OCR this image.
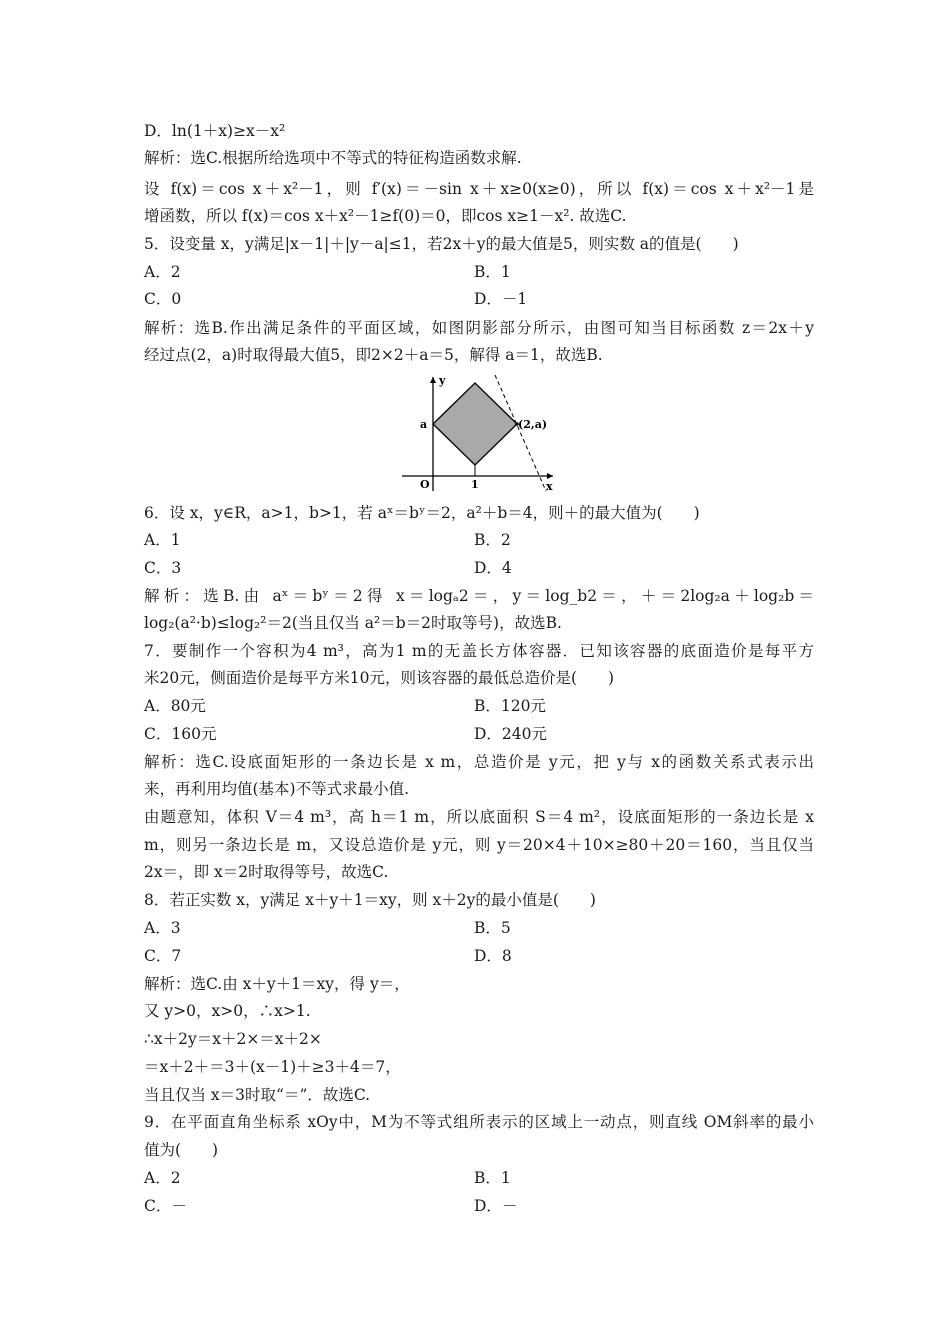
D．ln(1＋x)≥x－x²
解析：选C.根据所给选项中不等式的特征构造函数求解.
设 f(x)＝cos x＋x²－1，则 f′(x)＝－sin x＋x≥0(x≥0)，所以 f(x)＝cos x＋x²－1是
增函数，所以 f(x)＝cos x＋x²－1≥f(0)＝0，即cos x≥1－x². 故选C.
5．设变量 x，y满足|x－1|＋|y－a|≤1，若2x＋y的最大值是5，则实数 a的值是(　　)
A．2	B．1
C．0	D．－1
解析：选B.作出满足条件的平面区域，如图阴影部分所示，由图可知当目标函数 z＝2x＋y
经过点(2，a)时取得最大值5，即2×2＋a＝5，解得 a＝1，故选B.
y
x
O
a
1
(2,a)
6．设 x，y∈R，a>1，b>1，若 aˣ＝bʸ＝2，a²＋b＝4，则＋的最大值为(　　)
A．1	B．2
C．3	D．4
解析：选B.由 aˣ＝bʸ＝2得 x＝logₐ2＝，y＝log_b2＝，＋＝2log₂a＋log₂b＝
log₂(a²·b)≤log₂²＝2(当且仅当 a²＝b＝2时取等号)，故选B.
7．要制作一个容积为4 m³，高为1 m的无盖长方体容器．已知该容器的底面造价是每平方
米20元，侧面造价是每平方米10元，则该容器的最低总造价是(　　)
A．80元	B．120元
C．160元	D．240元
解析：选C.设底面矩形的一条边长是 x m，总造价是 y元，把 y与 x的函数关系式表示出
来，再利用均值(基本)不等式求最小值.
由题意知，体积 V＝4 m³，高 h＝1 m，所以底面积 S＝4 m²，设底面矩形的一条边长是 x
m，则另一条边长是 m，又设总造价是 y元，则 y＝20×4＋10×≥80＋20＝160，当且仅当
2x＝，即 x＝2时取得等号，故选C.
8．若正实数 x，y满足 x＋y＋1＝xy，则 x＋2y的最小值是(　　)
A．3	B．5
C．7	D．8
解析：选C.由 x＋y＋1＝xy，得 y＝，
又 y>0，x>0，∴x>1.
∴x＋2y＝x＋2×＝x＋2×
＝x＋2＋＝3＋(x－1)＋≥3＋4＝7，
当且仅当 x＝3时取“＝”．故选C.
9．在平面直角坐标系 xOy中，M为不等式组所表示的区域上一动点，则直线 OM斜率的最小
值为(　　)
A．2	B．1
C．－	D．－
